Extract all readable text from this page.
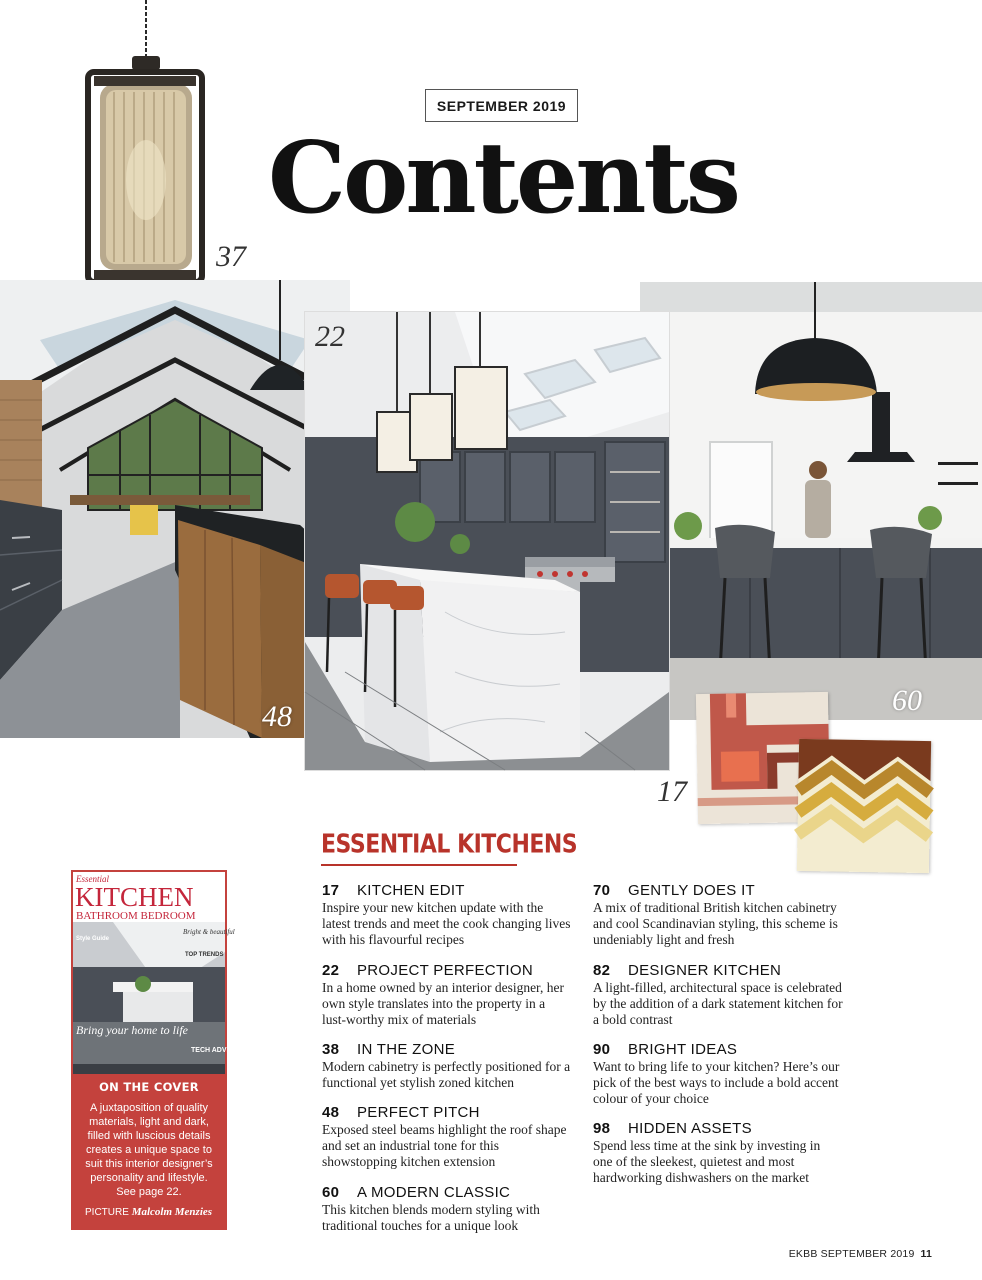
37
SEPTEMBER 2019
Contents
48	60
22
17
ESSENTIAL KITCHENS
17 KITCHEN EDIT
Inspire your new kitchen update with the latest trends and meet the cook changing lives with his flavourful recipes
22 PROJECT PERFECTION
In a home owned by an interior designer, her own style translates into the property in a lust-worthy mix of materials
38 IN THE ZONE
Modern cabinetry is perfectly positioned for a functional yet stylish zoned kitchen
48 PERFECT PITCH
Exposed steel beams highlight the roof shape and set an industrial tone for this showstopping kitchen extension
60 A MODERN CLASSIC
This kitchen blends modern styling with traditional touches for a unique look
70 GENTLY DOES IT
A mix of traditional British kitchen cabinetry and cool Scandinavian styling, this scheme is undeniably light and fresh
82 DESIGNER KITCHEN
A light-filled, architectural space is celebrated by the addition of a dark statement kitchen for a bold contrast
90 BRIGHT IDEAS
Want to bring life to your kitchen? Here’s our pick of the best ways to include a bold accent colour of your choice
98 HIDDEN ASSETS
Spend less time at the sink by investing in one of the sleekest, quietest and most hardworking dishwashers on the market
Essential
KITCHEN
BATHROOM BEDROOM
Style Guide
Bright & beautiful
TOP TRENDS
Bring your home to life
TECH ADVICE
ON THE COVER
A juxtaposition of quality materials, light and dark, filled with luscious details creates a unique space to suit this interior designer’s personality and lifestyle. See page 22.
PICTURE Malcolm Menzies
EKBB SEPTEMBER 2019 11
